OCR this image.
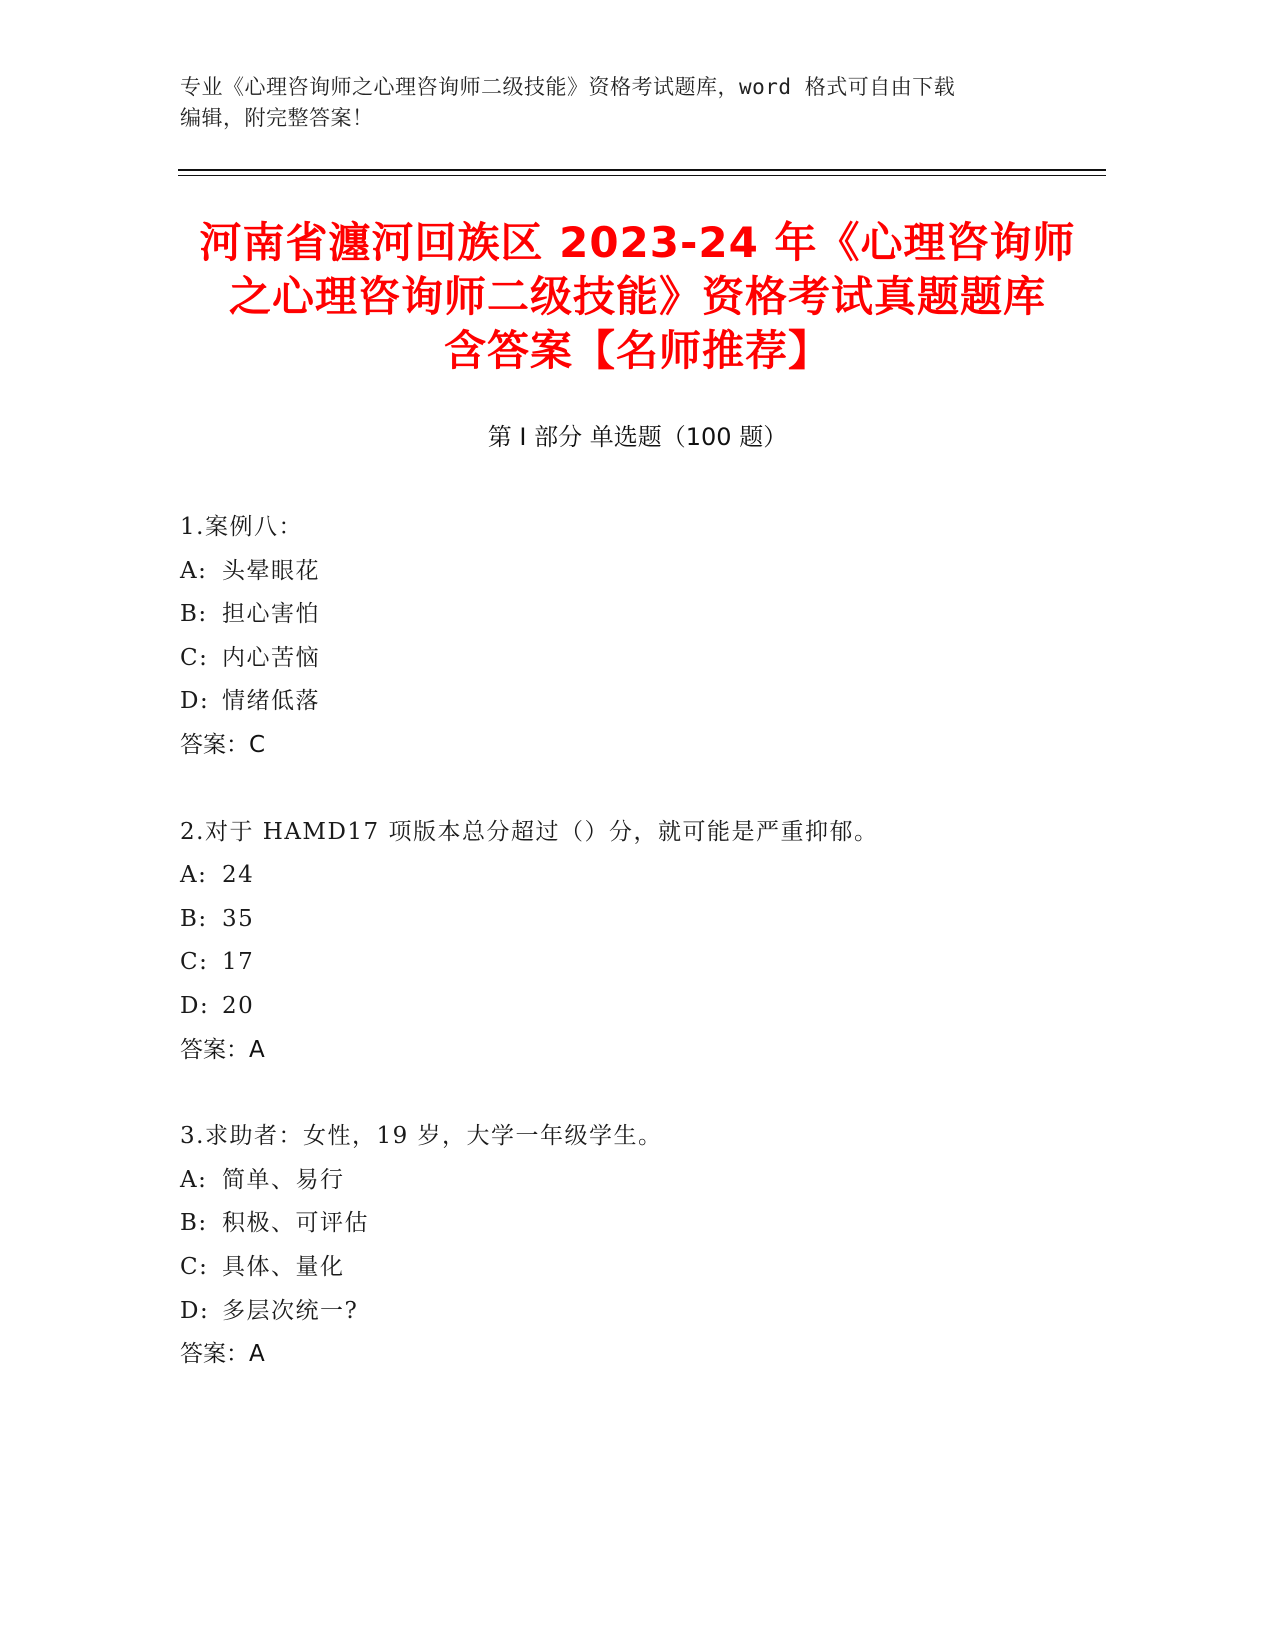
专业《心理咨询师之心理咨询师二级技能》资格考试题库，word 格式可自由下载
编辑，附完整答案！
河南省瀍河回族区 2023-24 年《心理咨询师
之心理咨询师二级技能》资格考试真题题库
含答案【名师推荐】
第 I 部分 单选题（100 题）
1.案例八：
A: 头晕眼花
B: 担心害怕
C: 内心苦恼
D: 情绪低落
答案：C
2.对于 HAMD17 项版本总分超过（）分，就可能是严重抑郁。
A: 24
B: 35
C: 17
D: 20
答案：A
3.求助者：女性，19 岁，大学一年级学生。
A: 简单、易行
B: 积极、可评估
C: 具体、量化
D: 多层次统一?
答案：A
